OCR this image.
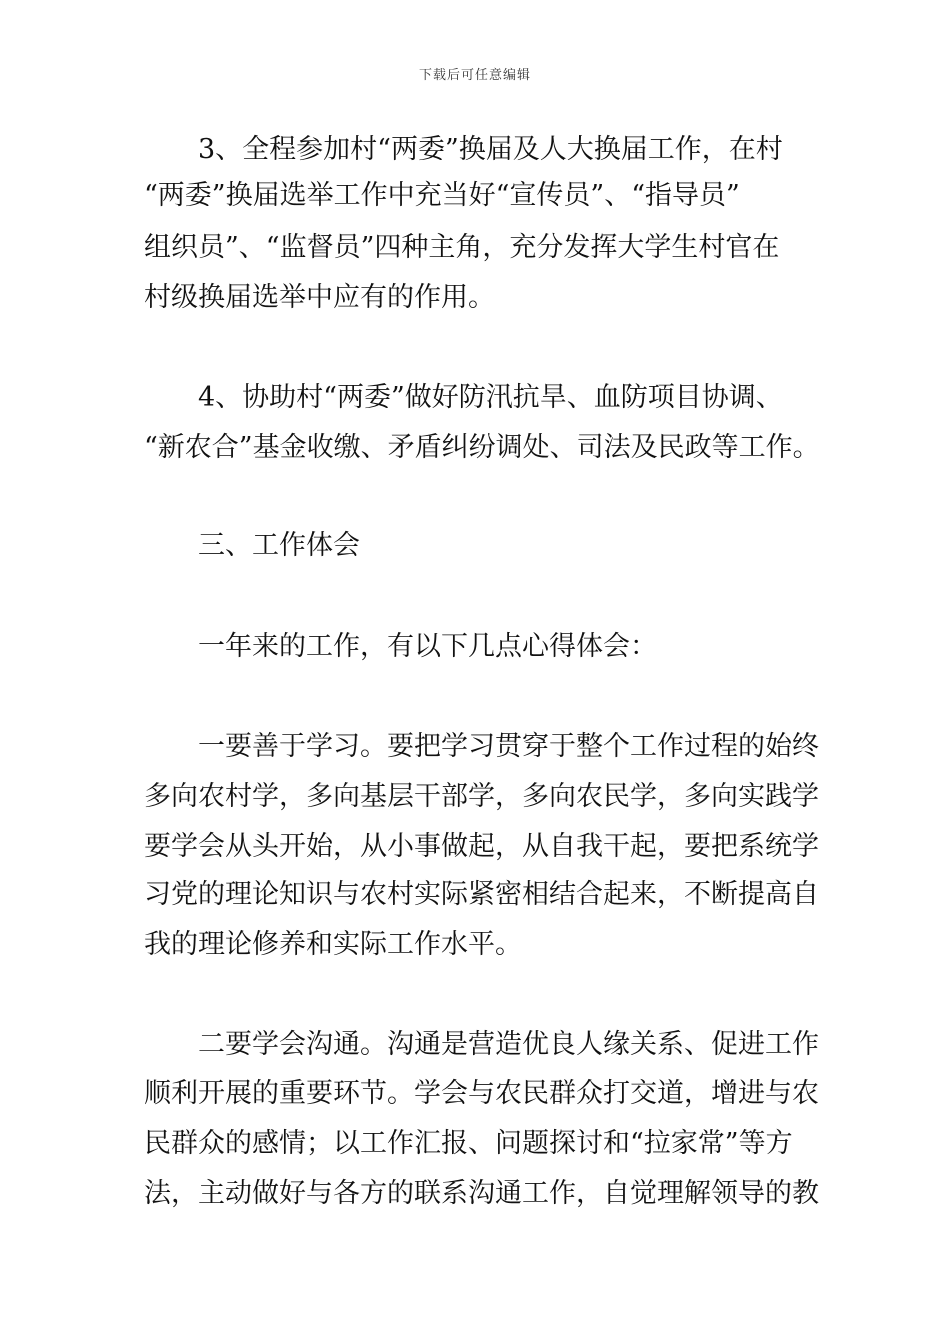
下载后可任意编辑
3、全程参加村“两委”换届及人大换届工作，在村
“两委”换届选举工作中充当好“宣传员”、“指导员”
组织员”、“监督员”四种主角，充分发挥大学生村官在
村级换届选举中应有的作用。
4、协助村“两委”做好防汛抗旱、血防项目协调、
“新农合”基金收缴、矛盾纠纷调处、司法及民政等工作。
三、工作体会
一年来的工作，有以下几点心得体会：
一要善于学习。要把学习贯穿于整个工作过程的始终
多向农村学，多向基层干部学，多向农民学，多向实践学
要学会从头开始，从小事做起，从自我干起，要把系统学
习党的理论知识与农村实际紧密相结合起来，不断提高自
我的理论修养和实际工作水平。
二要学会沟通。沟通是营造优良人缘关系、促进工作
顺利开展的重要环节。学会与农民群众打交道，增进与农
民群众的感情；以工作汇报、问题探讨和“拉家常”等方
法，主动做好与各方的联系沟通工作，自觉理解领导的教
